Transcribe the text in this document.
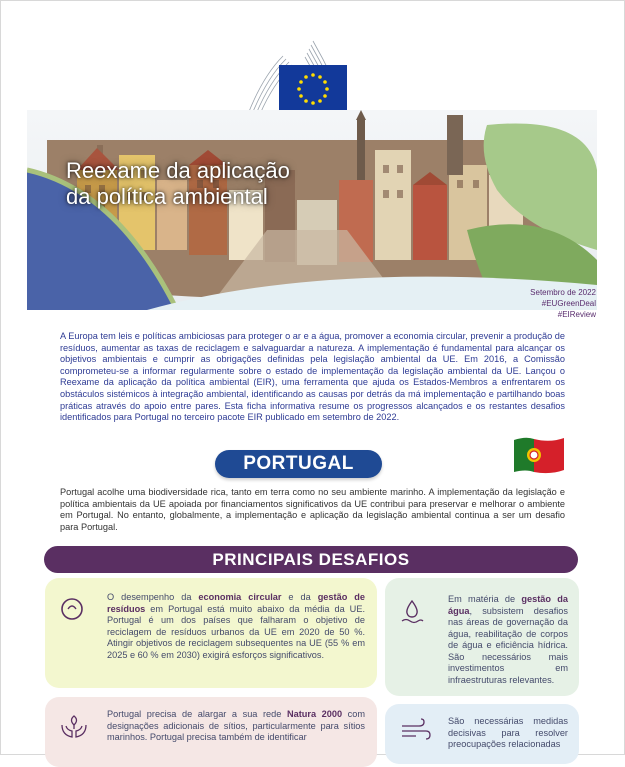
Reexame da aplicação
da política ambiental
Setembro de 2022
#EUGreenDeal
#EIReview
A Europa tem leis e políticas ambiciosas para proteger o ar e a água, promover a economia circular, prevenir a produção de resíduos, aumentar as taxas de reciclagem e salvaguardar a natureza. A implementação é fundamental para alcançar os objetivos ambientais e cumprir as obrigações definidas pela legislação ambiental da UE. Em 2016, a Comissão comprometeu-se a informar regularmente sobre o estado de implementação da legislação ambiental da UE. Lançou o Reexame da aplicação da política ambiental (EIR), uma ferramenta que ajuda os Estados-Membros a enfrentarem os obstáculos sistémicos à integração ambiental, identificando as causas por detrás da má implementação e partilhando boas práticas através do apoio entre pares. Esta ficha informativa resume os progressos alcançados e os restantes desafios identificados para Portugal no terceiro pacote EIR publicado em setembro de 2022.
PORTUGAL
Portugal acolhe uma biodiversidade rica, tanto em terra como no seu ambiente marinho. A implementação da legislação e política ambientais da UE apoiada por financiamentos significativos da UE contribui para preservar e melhorar o ambiente em Portugal. No entanto, globalmente, a implementação e aplicação da legislação ambiental continua a ser um desafio para Portugal.
PRINCIPAIS DESAFIOS
O desempenho da economia circular e da gestão de resíduos em Portugal está muito abaixo da média da UE. Portugal é um dos países que falharam o objetivo de reciclagem de resíduos urbanos da UE em 2020 de 50 %. Atingir objetivos de reciclagem subsequentes na UE (55 % em 2025 e 60 % em 2030) exigirá esforços significativos.
Em matéria de gestão da água, subsistem desafios nas áreas de governação da água, reabilitação de corpos de água e eficiência hídrica. São necessários mais investimentos em infraestruturas relevantes.
Portugal precisa de alargar a sua rede Natura 2000 com designações adicionais de sítios, particularmente para sítios marinhos. Portugal precisa também de identificar
São necessárias medidas decisivas para resolver preocupações relacionadas
